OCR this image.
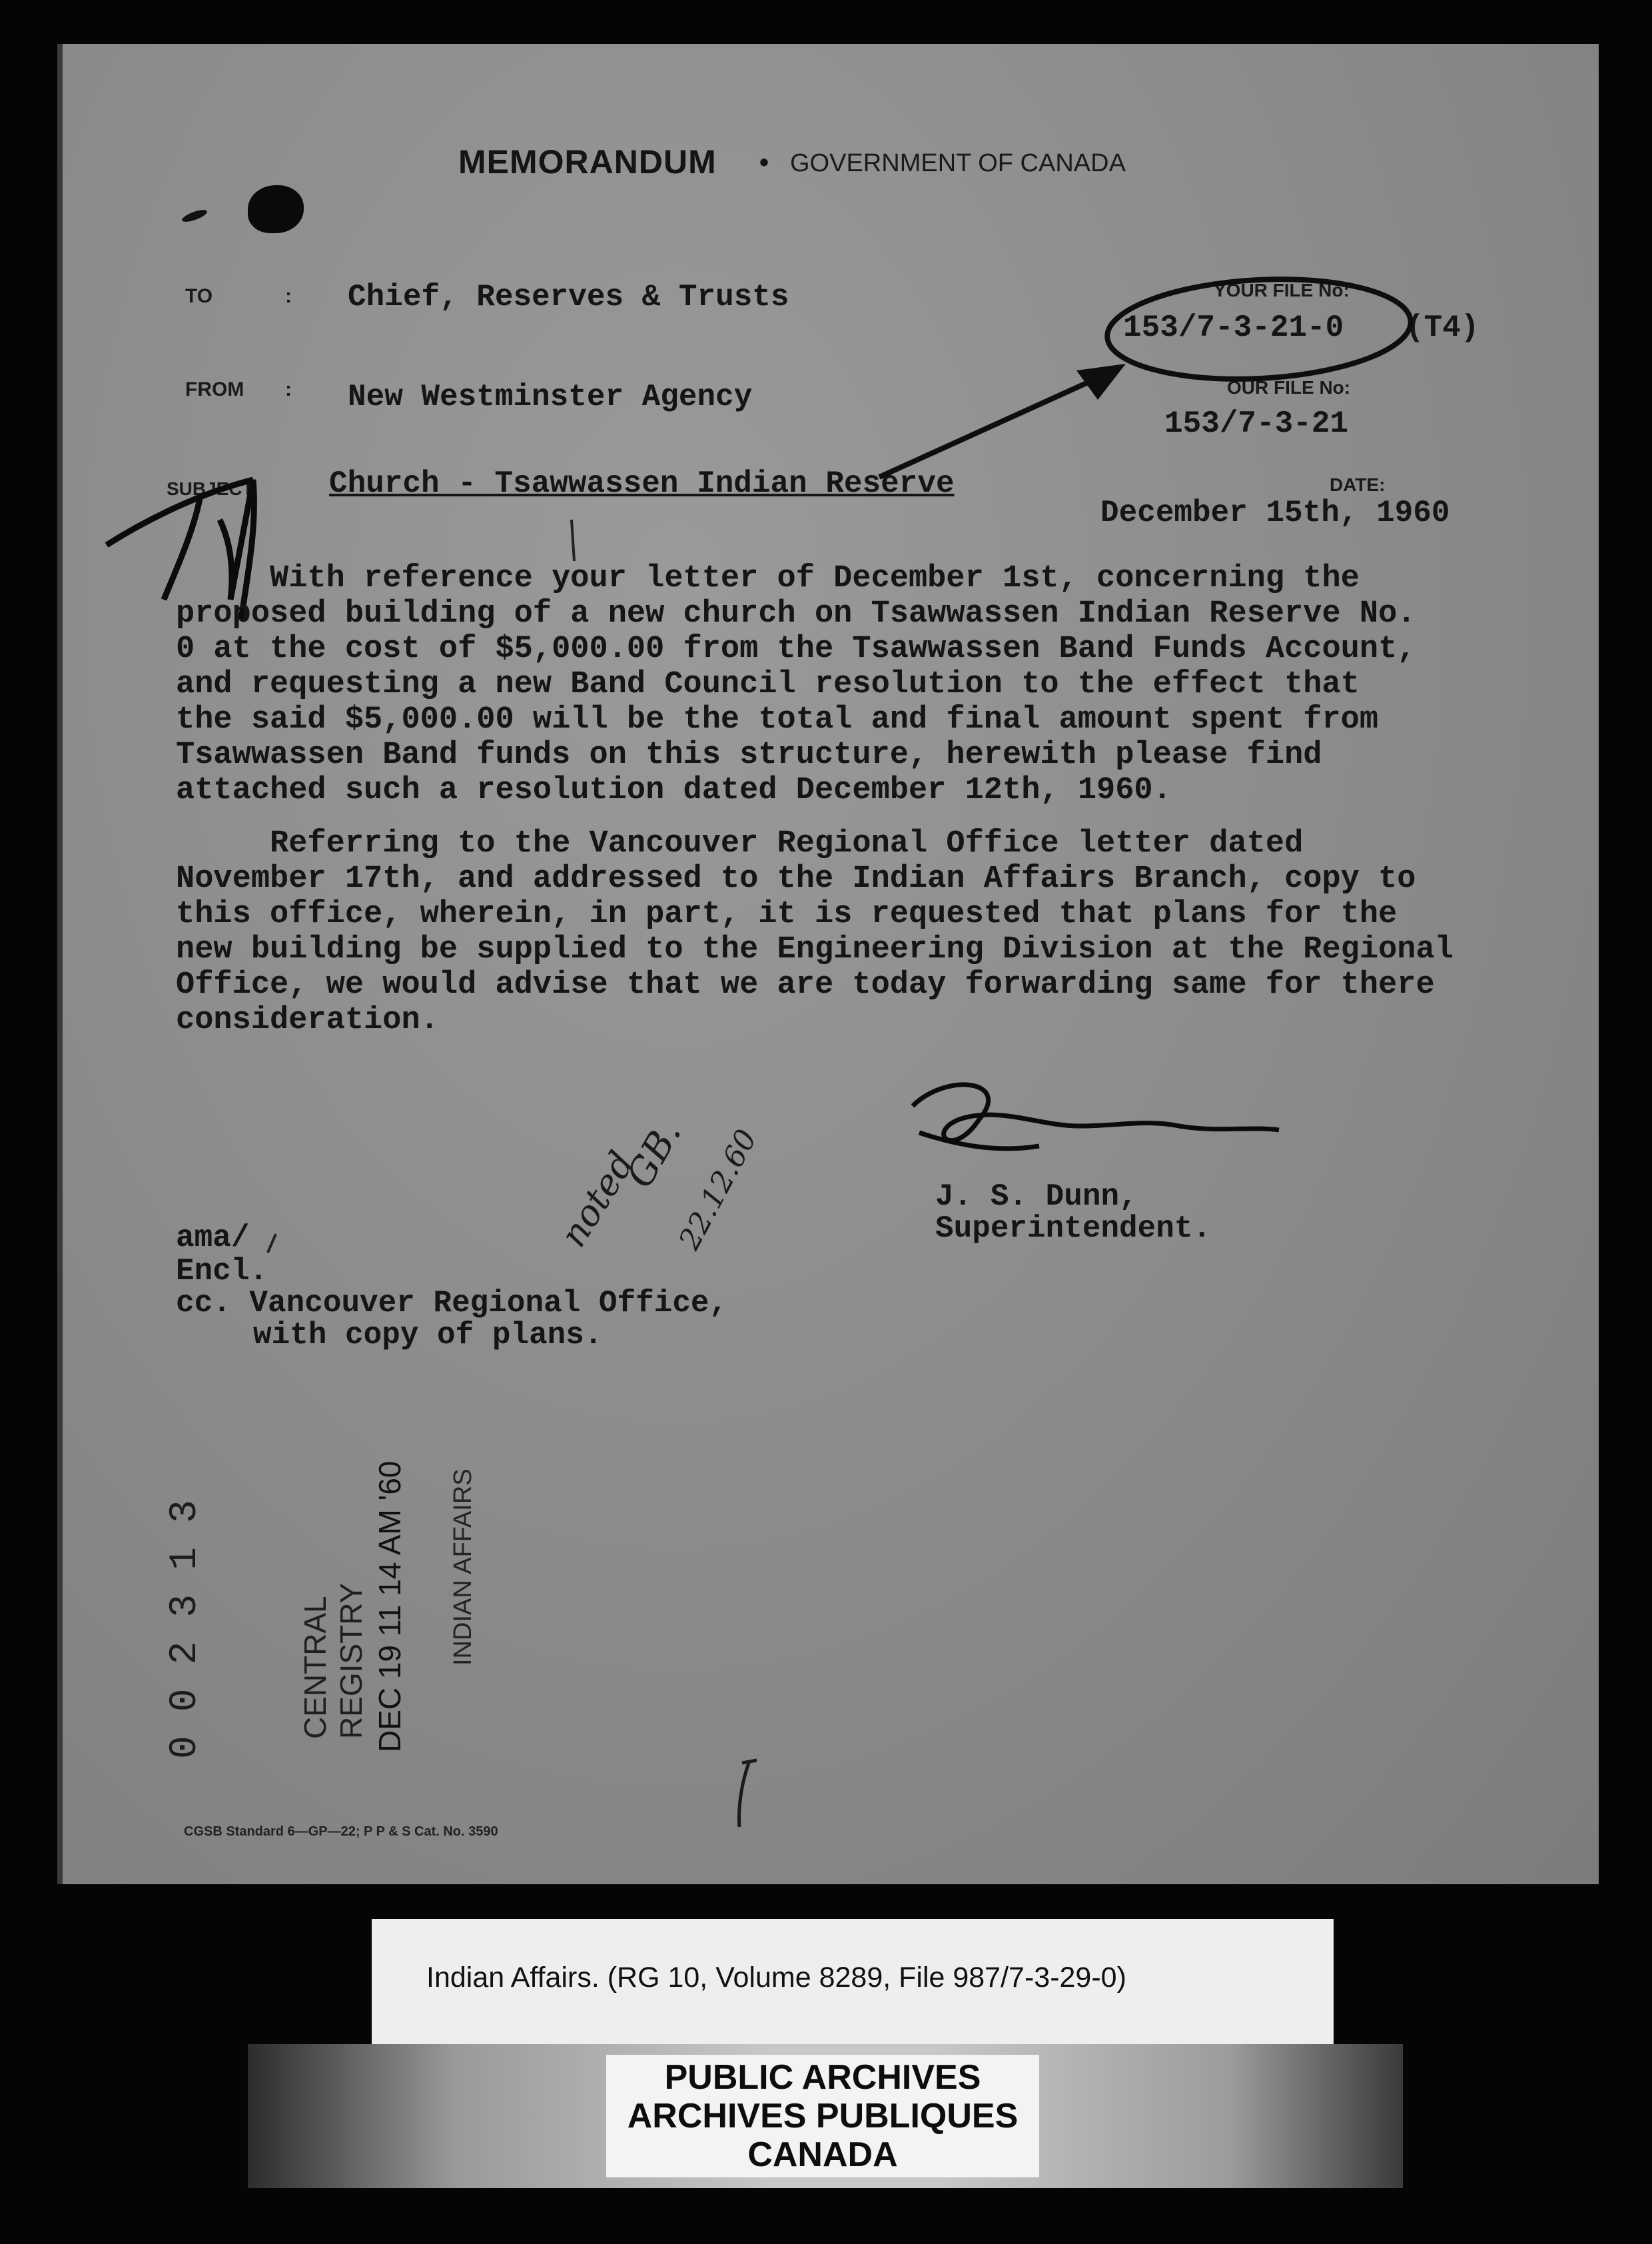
MEMORANDUM • GOVERNMENT OF CANADA
TO	: Chief, Reserves & Trusts
FROM : New Westminster Agency
SUBJECT: Church - Tsawwassen Indian Reserve
YOUR FILE No:
153/7-3-21-0 (T4)
OUR FILE No:
153/7-3-21
DATE:
December 15th, 1960
With reference your letter of December 1st, concerning the
proposed building of a new church on Tsawwassen Indian Reserve No.
0 at the cost of $5,000.00 from the Tsawwassen Band Funds Account,
and requesting a new Band Council resolution to the effect that
the said $5,000.00 will be the total and final amount spent from
Tsawwassen Band funds on this structure, herewith please find
attached such a resolution dated December 12th, 1960.
Referring to the Vancouver Regional Office letter dated
November 17th, and addressed to the Indian Affairs Branch, copy to
this office, wherein, in part, it is requested that plans for the
new building be supplied to the Engineering Division at the Regional
Office, we would advise that we are today forwarding same for there
consideration.
noted
GB.
22.12.60	J. S. Dunn,
Superintendent.
ama/
Encl.
cc. Vancouver Regional Office,
with copy of plans.
002313	CENTRAL REGISTRY DEC 19 11 14 AM '60 INDIAN AFFAIRS
CGSB Standard 6—GP—22; P P & S Cat. No. 3590
Indian Affairs. (RG 10, Volume 8289, File 987/7-3-29-0)
PUBLIC ARCHIVES
ARCHIVES PUBLIQUES
CANADA
